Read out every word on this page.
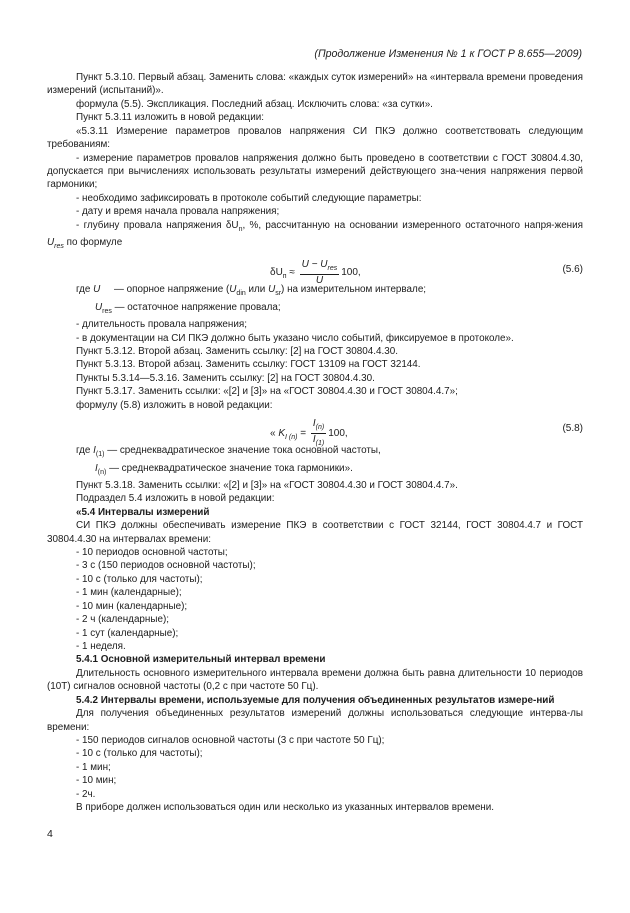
(Продолжение Изменения № 1 к ГОСТ Р 8.655—2009)
Пункт 5.3.10. Первый абзац. Заменить слова: «каждых суток измерений» на «интервала времени проведения измерений (испытаний)».
формула (5.5). Экспликация. Последний абзац. Исключить слова: «за сутки».
Пункт 5.3.11 изложить в новой редакции:
«5.3.11 Измерение параметров провалов напряжения СИ ПКЭ должно соответствовать следующим требованиям:
- измерение параметров провалов напряжения должно быть проведено в соответствии с ГОСТ 30804.4.30, допускается при вычислениях использовать результаты измерений действующего зна-чения напряжения первой гармоники;
- необходимо зафиксировать в протоколе событий следующие параметры:
- дату и время начала провала напряжения;
- глубину провала напряжения $\delta U_n$, %, рассчитанную на основании измеренного остаточного напря-жения $U_{res}$ по формуле
$\delta U_п \approx \frac{U - U_{res}}{U} 100$,	(5.6)
где U — опорное напряжение ($U_{din}$ или $U_{sr}$) на измерительном интервале;
$U_{res}$ — остаточное напряжение провала;
- длительность провала напряжения;
- в документации на СИ ПКЭ должно быть указано число событий, фиксируемое в протоколе».
Пункт 5.3.12. Второй абзац. Заменить ссылку: [2] на ГОСТ 30804.4.30.
Пункт 5.3.13. Второй абзац. Заменить ссылку: ГОСТ 13109 на ГОСТ 32144.
Пункты 5.3.14—5.3.16. Заменить ссылку: [2] на ГОСТ 30804.4.30.
Пункт 5.3.17. Заменить ссылки: «[2] и [3]» на «ГОСТ 30804.4.30 и ГОСТ 30804.4.7»;
формулу (5.8) изложить в новой редакции:
« $K_{I (n)} = \frac{I_{(n)}}{I_{(1)}} 100$,	(5.8)
где $I_{(1)}$ — среднеквадратическое значение тока основной частоты,
$I_{(n)}$ — среднеквадратическое значение тока гармоники».
Пункт 5.3.18. Заменить ссылки: «[2] и [3]» на «ГОСТ 30804.4.30 и ГОСТ 30804.4.7».
Подраздел 5.4 изложить в новой редакции:
«5.4 Интервалы измерений
СИ ПКЭ должны обеспечивать измерение ПКЭ в соответствии с ГОСТ 32144, ГОСТ 30804.4.7 и ГОСТ 30804.4.30 на интервалах времени:
- 10 периодов основной частоты;
- 3 с (150 периодов основной частоты);
- 10 с (только для частоты);
- 1 мин (календарные);
- 10 мин (календарные);
- 2 ч (календарные);
- 1 сут (календарные);
- 1 неделя.
5.4.1 Основной измерительный интервал времени
Длительность основного измерительного интервала времени должна быть равна длительности 10 периодов (10Т) сигналов основной частоты (0,2 с при частоте 50 Гц).
5.4.2 Интервалы времени, используемые для получения объединенных результатов измере-ний
Для получения объединенных результатов измерений должны использоваться следующие интерва-лы времени:
- 150 периодов сигналов основной частоты (3 с при частоте 50 Гц);
- 10 с (только для частоты);
- 1 мин;
- 10 мин;
- 2ч.
В приборе должен использоваться один или несколько из указанных интервалов времени.
4
